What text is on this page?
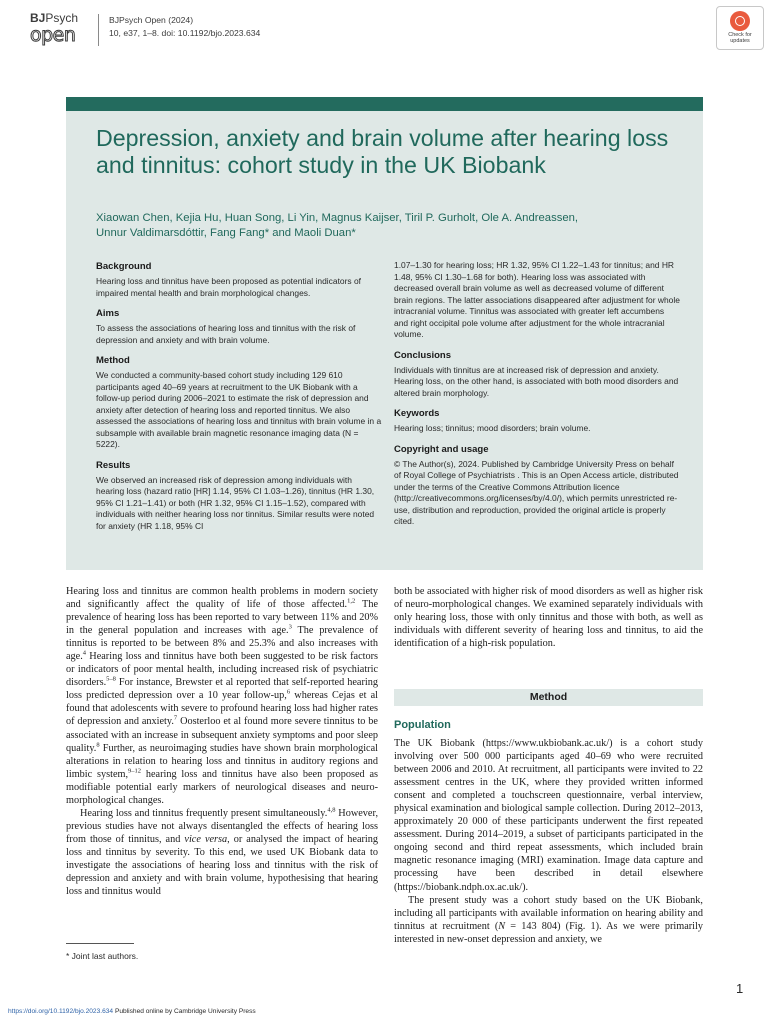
BJPsych
open
BJPsych Open (2024)
10, e37, 1–8. doi: 10.1192/bjo.2023.634	Check for
updates
Depression, anxiety and brain volume after hearing loss and tinnitus: cohort study in the UK Biobank
Xiaowan Chen, Kejia Hu, Huan Song, Li Yin, Magnus Kaijser, Tiril P. Gurholt, Ole A. Andreassen,
Unnur Valdimarsdóttir, Fang Fang* and Maoli Duan*
Background

Hearing loss and tinnitus have been proposed as potential indicators of impaired mental health and brain morphological changes.

Aims

To assess the associations of hearing loss and tinnitus with the risk of depression and anxiety and with brain volume.

Method

We conducted a community-based cohort study including 129 610 participants aged 40–69 years at recruitment to the UK Biobank with a follow-up period during 2006–2021 to estimate the risk of depression and anxiety after detection of hearing loss and reported tinnitus. We also assessed the associations of hearing loss and tinnitus with brain volume in a subsample with available brain magnetic resonance imaging data (N = 5222).

Results

We observed an increased risk of depression among individuals with hearing loss (hazard ratio [HR] 1.14, 95% CI 1.03–1.26), tinnitus (HR 1.30, 95% CI 1.21–1.41) or both (HR 1.32, 95% CI 1.15–1.52), compared with individuals with neither hearing loss nor tinnitus. Similar results were noted for anxiety (HR 1.18, 95% CI

1.07–1.30 for hearing loss; HR 1.32, 95% CI 1.22–1.43 for tinnitus; and HR 1.48, 95% CI 1.30–1.68 for both). Hearing loss was associated with decreased overall brain volume as well as decreased volume of different brain regions. The latter associations disappeared after adjustment for whole intracranial volume. Tinnitus was associated with greater left accumbens and right occipital pole volume after adjustment for the whole intracranial volume.

Conclusions

Individuals with tinnitus are at increased risk of depression and anxiety. Hearing loss, on the other hand, is associated with both mood disorders and altered brain morphology.

Keywords

Hearing loss; tinnitus; mood disorders; brain volume.

Copyright and usage

© The Author(s), 2024. Published by Cambridge University Press on behalf of Royal College of Psychiatrists . This is an Open Access article, distributed under the terms of the Creative Commons Attribution licence (http://creativecommons.org/licenses/by/4.0/), which permits unrestricted re-use, distribution and reproduction, provided the original article is properly cited.

Hearing loss and tinnitus are common health problems in modern society and significantly affect the quality of life of those affected.$^{1,2}$ The prevalence of hearing loss has been reported to vary between 11% and 20% in the general population and increases with age.$^3$ The prevalence of tinnitus is reported to be between 8% and 25.3% and also increases with age.$^4$ Hearing loss and tinnitus have both been suggested to be risk factors or indicators of poor mental health, including increased risk of psychiatric disorders.$^{5-8}$ For instance, Brewster et al reported that self-reported hearing loss predicted depression over a 10 year follow-up,$^6$ whereas Cejas et al found that adolescents with severe to profound hearing loss had higher rates of depression and anxiety.$^7$ Oosterloo et al found more severe tinnitus to be associated with an increase in subsequent anxiety symptoms and poor sleep quality.$^8$ Further, as neuroimaging studies have shown brain morphological alterations in relation to hearing loss and tinnitus in auditory regions and limbic system,$^{9-12}$ hearing loss and tinnitus have also been proposed as modifiable potential early markers of neurological diseases and neuro-morphological changes.

Hearing loss and tinnitus frequently present simultaneously.$^{4,8}$ However, previous studies have not always disentangled the effects of hearing loss from those of tinnitus, and vice versa, or analysed the impact of hearing loss and tinnitus by severity. To this end, we used UK Biobank data to investigate the associations of hearing loss and tinnitus with the risk of depression and anxiety and with brain volume, hypothesising that hearing loss and tinnitus would

both be associated with higher risk of mood disorders as well as higher risk of neuro-morphological changes. We examined separately individuals with only hearing loss, those with only tinnitus and those with both, as well as individuals with different severity of hearing loss and tinnitus, to aid the identification of a high-risk population.

Method
Population

The UK Biobank (https://www.ukbiobank.ac.uk/) is a cohort study involving over 500 000 participants aged 40–69 who were recruited between 2006 and 2010. At recruitment, all participants were invited to 22 assessment centres in the UK, where they provided written informed consent and completed a touchscreen questionnaire, verbal interview, physical examination and biological sample collection. During 2012–2013, approximately 20 000 of these participants underwent the first repeated assessment. During 2014–2019, a subset of participants participated in the ongoing second and third repeat assessments, which included brain magnetic resonance imaging (MRI) examination. Image data capture and processing have been described in detail elsewhere (https://biobank.ndph.ox.ac.uk/).

The present study was a cohort study based on the UK Biobank, including all participants with available information on hearing ability and tinnitus at recruitment (N = 143 804) (Fig. 1). As we were primarily interested in new-onset depression and anxiety, we

* Joint last authors.
1
https://doi.org/10.1192/bjo.2023.634 Published online by Cambridge University Press
